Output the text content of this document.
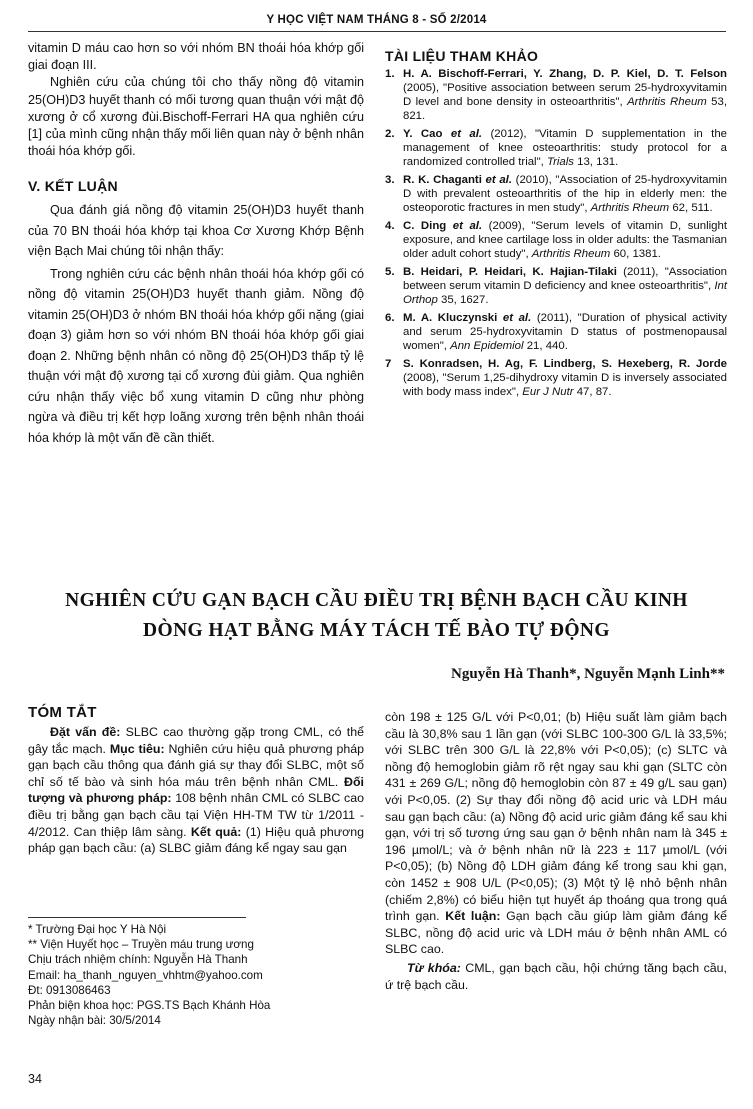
Y HỌC VIỆT NAM THÁNG 8 - SỐ 2/2014

vitamin D máu cao hơn so với nhóm BN thoái hóa khớp gối giai đoạn III.

Nghiên cứu của chúng tôi cho thấy nồng độ vitamin 25(OH)D3 huyết thanh có mối tương quan thuận với mật độ xương ở cổ xương đùi.Bischoff-Ferrari HA qua nghiên cứu [1] của mình cũng nhận thấy mối liên quan này ở bệnh nhân thoái hóa khớp gối.

V. KẾT LUẬN

Qua đánh giá nồng độ vitamin 25(OH)D3 huyết thanh của 70 BN thoái hóa khớp tại khoa Cơ Xương Khớp Bệnh viện Bạch Mai chúng tôi nhận thấy:

Trong nghiên cứu các bệnh nhân thoái hóa khớp gối có nồng độ vitamin 25(OH)D3 huyết thanh giảm. Nồng độ vitamin 25(OH)D3 ở nhóm BN thoái hóa khớp gối nặng (giai đoạn 3) giảm hơn so với nhóm BN thoái hóa khớp gối giai đoạn 2. Những bệnh nhân có nồng độ 25(OH)D3 thấp tỷ lệ thuận với mật độ xương tại cổ xương đùi giảm. Qua nghiên cứu nhận thấy việc bổ xung vitamin D cũng như phòng ngừa và điều trị kết hợp loãng xương trên bệnh nhân thoái hóa khớp là một vấn đề cần thiết.

TÀI LIỆU THAM KHẢO
1. H. A. Bischoff-Ferrari, Y. Zhang, D. P. Kiel, D. T. Felson (2005), "Positive association between serum 25-hydroxyvitamin D level and bone density in osteoarthritis", Arthritis Rheum 53, 821.
2. Y. Cao et al. (2012), "Vitamin D supplementation in the management of knee osteoarthritis: study protocol for a randomized controlled trial", Trials 13, 131.
3. R. K. Chaganti et al. (2010), "Association of 25-hydroxyvitamin D with prevalent osteoarthritis of the hip in elderly men: the osteoporotic fractures in men study", Arthritis Rheum 62, 511.
4. C. Ding et al. (2009), "Serum levels of vitamin D, sunlight exposure, and knee cartilage loss in older adults: the Tasmanian older adult cohort study", Arthritis Rheum 60, 1381.
5. B. Heidari, P. Heidari, K. Hajian-Tilaki (2011), "Association between serum vitamin D deficiency and knee osteoarthritis", Int Orthop 35, 1627.
6. M. A. Kluczynski et al. (2011), "Duration of physical activity and serum 25-hydroxyvitamin D status of postmenopausal women", Ann Epidemiol 21, 440.
7	S. Konradsen, H. Ag, F. Lindberg, S. Hexeberg, R. Jorde (2008), "Serum 1,25-dihydroxy vitamin D is inversely associated with body mass index", Eur J Nutr 47, 87.
NGHIÊN CỨU GẠN BẠCH CẦU ĐIỀU TRỊ BỆNH BẠCH CẦU KINH
DÒNG HẠT BẰNG MÁY TÁCH TẾ BÀO TỰ ĐỘNG
Nguyễn Hà Thanh*, Nguyễn Mạnh Linh**
TÓM TẮT

Đặt vấn đề: SLBC cao thường gặp trong CML, có thể gây tắc mạch. Mục tiêu: Nghiên cứu hiệu quả phương pháp gạn bạch cầu thông qua đánh giá sự thay đổi SLBC, một số chỉ số tế bào và sinh hóa máu trên bệnh nhân CML. Đối tượng và phương pháp: 108 bệnh nhân CML có SLBC cao điều trị bằng gạn bạch cầu tại Viện HH-TM TW từ 1/2011 - 4/2012. Can thiệp lâm sàng. Kết quả: (1) Hiệu quả phương pháp gạn bạch cầu: (a) SLBC giảm đáng kể ngay sau gạn

* Trường Đại học Y Hà Nội
** Viện Huyết học – Truyền máu trung ương
Chịu trách nhiệm chính: Nguyễn Hà Thanh
Email: ha_thanh_nguyen_vhhtm@yahoo.com
Đt: 0913086463
Phản biện khoa học: PGS.TS Bạch Khánh Hòa
Ngày nhận bài: 30/5/2014

còn 198 ± 125 G/L với P<0,01; (b) Hiệu suất làm giảm bạch cầu là 30,8% sau 1 lần gạn (với SLBC 100-300 G/L là 33,5%; với SLBC trên 300 G/L là 22,8% với P<0,05); (c) SLTC và nồng độ hemoglobin giảm rõ rệt ngay sau khi gạn (SLTC còn 431 ± 269 G/L; nồng độ hemoglobin còn 87 ± 49 g/L sau gạn) với P<0,05. (2) Sự thay đổi nồng độ acid uric và LDH máu sau gạn bạch cầu: (a) Nồng độ acid uric giảm đáng kể sau khi gạn, với trị số tương ứng sau gạn ở bệnh nhân nam là 345 ± 196 µmol/L; và ở bệnh nhân nữ là 223 ± 117 µmol/L (với P<0,05); (b) Nồng độ LDH giảm đáng kể trong sau khi gạn, còn 1452 ± 908 U/L (P<0,05); (3) Một tỷ lệ nhỏ bệnh nhân (chiếm 2,8%) có biểu hiện tụt huyết áp thoáng qua trong quá trình gạn. Kết luận: Gạn bạch cầu giúp làm giảm đáng kể SLBC, nồng độ acid uric và LDH máu ở bệnh nhân AML có SLBC cao.

Từ khóa: CML, gạn bạch cầu, hội chứng tăng bạch cầu, ứ trệ bạch cầu.

34
